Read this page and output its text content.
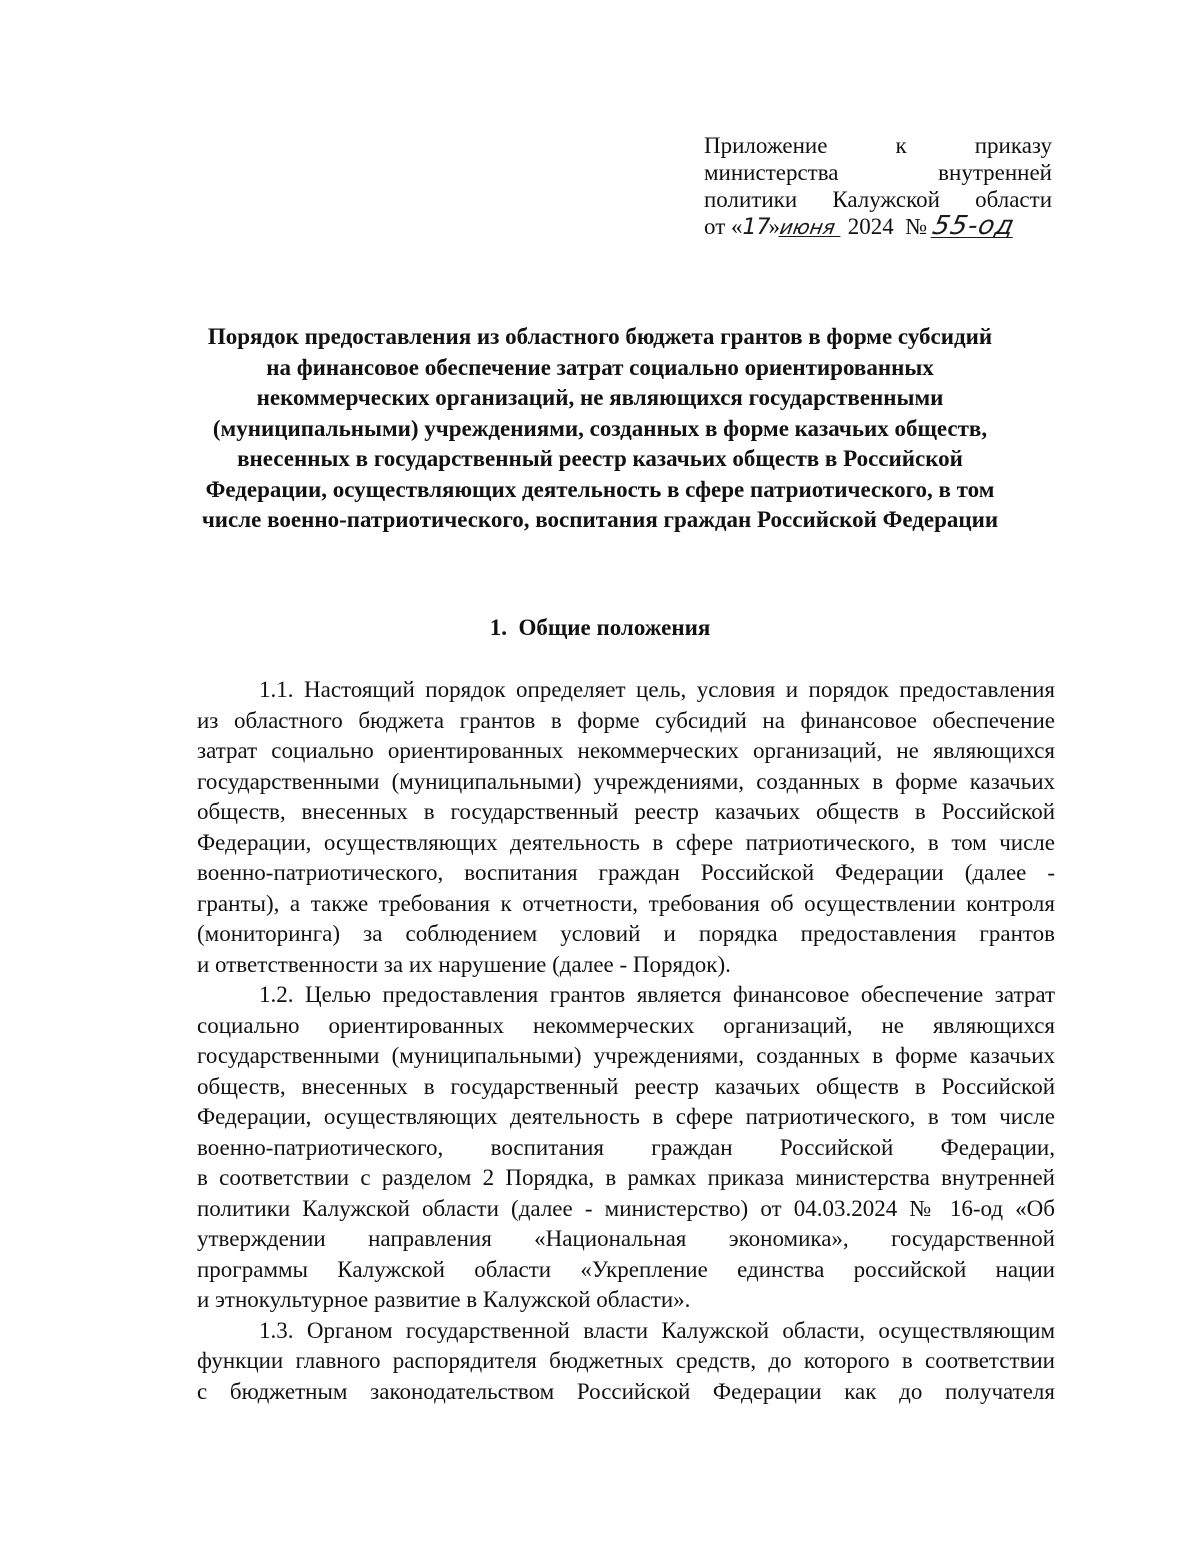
Приложение к приказу
министерства внутренней
политики Калужской области
от «17»июня 2024 № 55-од
Порядок предоставления из областного бюджета грантов в форме субсидий
на финансовое обеспечение затрат социально ориентированных
некоммерческих организаций, не являющихся государственными
(муниципальными) учреждениями, созданных в форме казачьих обществ,
внесенных в государственный реестр казачьих обществ в Российской
Федерации, осуществляющих деятельность в сфере патриотического, в том
числе военно-патриотического, воспитания граждан Российской Федерации
1. Общие положения

1.1. Настоящий порядок определяет цель, условия и порядок предоставления
из областного бюджета грантов в форме субсидий на финансовое обеспечение
затрат социально ориентированных некоммерческих организаций, не являющихся
государственными (муниципальными) учреждениями, созданных в форме казачьих
обществ, внесенных в государственный реестр казачьих обществ в Российской
Федерации, осуществляющих деятельность в сфере патриотического, в том числе
военно-патриотического, воспитания граждан Российской Федерации (далее -
гранты), а также требования к отчетности, требования об осуществлении контроля
(мониторинга) за соблюдением условий и порядка предоставления грантов
и ответственности за их нарушение (далее - Порядок).

1.2. Целью предоставления грантов является финансовое обеспечение затрат
социально ориентированных некоммерческих организаций, не являющихся
государственными (муниципальными) учреждениями, созданных в форме казачьих
обществ, внесенных в государственный реестр казачьих обществ в Российской
Федерации, осуществляющих деятельность в сфере патриотического, в том числе
военно-патриотического, воспитания граждан Российской Федерации,
в соответствии с разделом 2 Порядка, в рамках приказа министерства внутренней
политики Калужской области (далее - министерство) от 04.03.2024 № 16-од «Об
утверждении направления «Национальная экономика», государственной
программы Калужской области «Укрепление единства российской нации
и этнокультурное развитие в Калужской области».

1.3. Органом государственной власти Калужской области, осуществляющим
функции главного распорядителя бюджетных средств, до которого в соответствии
с бюджетным законодательством Российской Федерации как до получателя
